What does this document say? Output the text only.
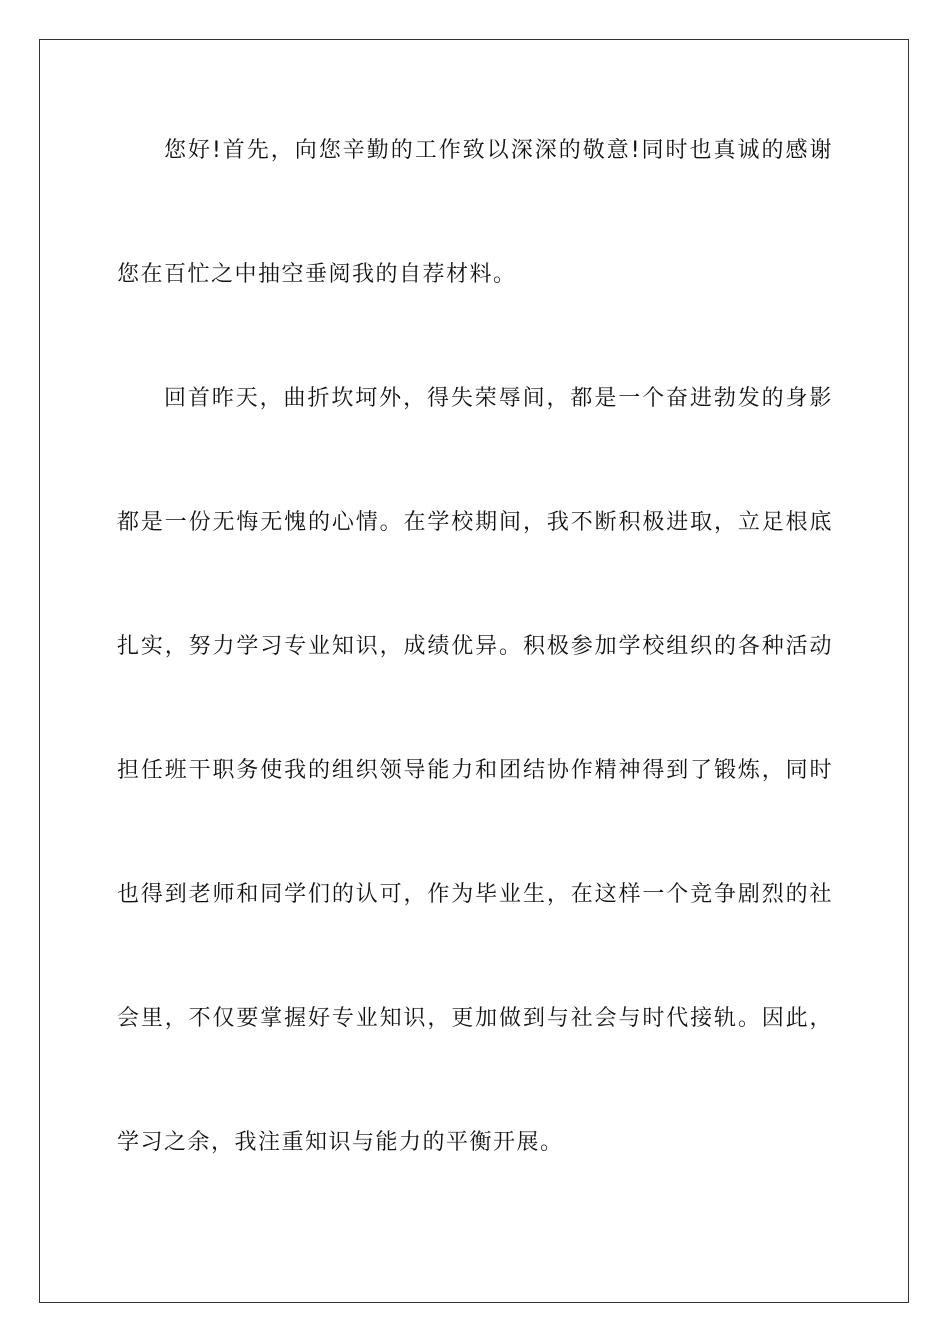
您好!首先，向您辛勤的工作致以深深的敬意!同时也真诚的感谢
您在百忙之中抽空垂阅我的自荐材料。
回首昨天，曲折坎坷外，得失荣辱间，都是一个奋进勃发的身影
都是一份无悔无愧的心情。在学校期间，我不断积极进取，立足根底
扎实，努力学习专业知识，成绩优异。积极参加学校组织的各种活动
担任班干职务使我的组织领导能力和团结协作精神得到了锻炼，同时
也得到老师和同学们的认可，作为毕业生，在这样一个竞争剧烈的社
会里，不仅要掌握好专业知识，更加做到与社会与时代接轨。因此，
学习之余，我注重知识与能力的平衡开展。
